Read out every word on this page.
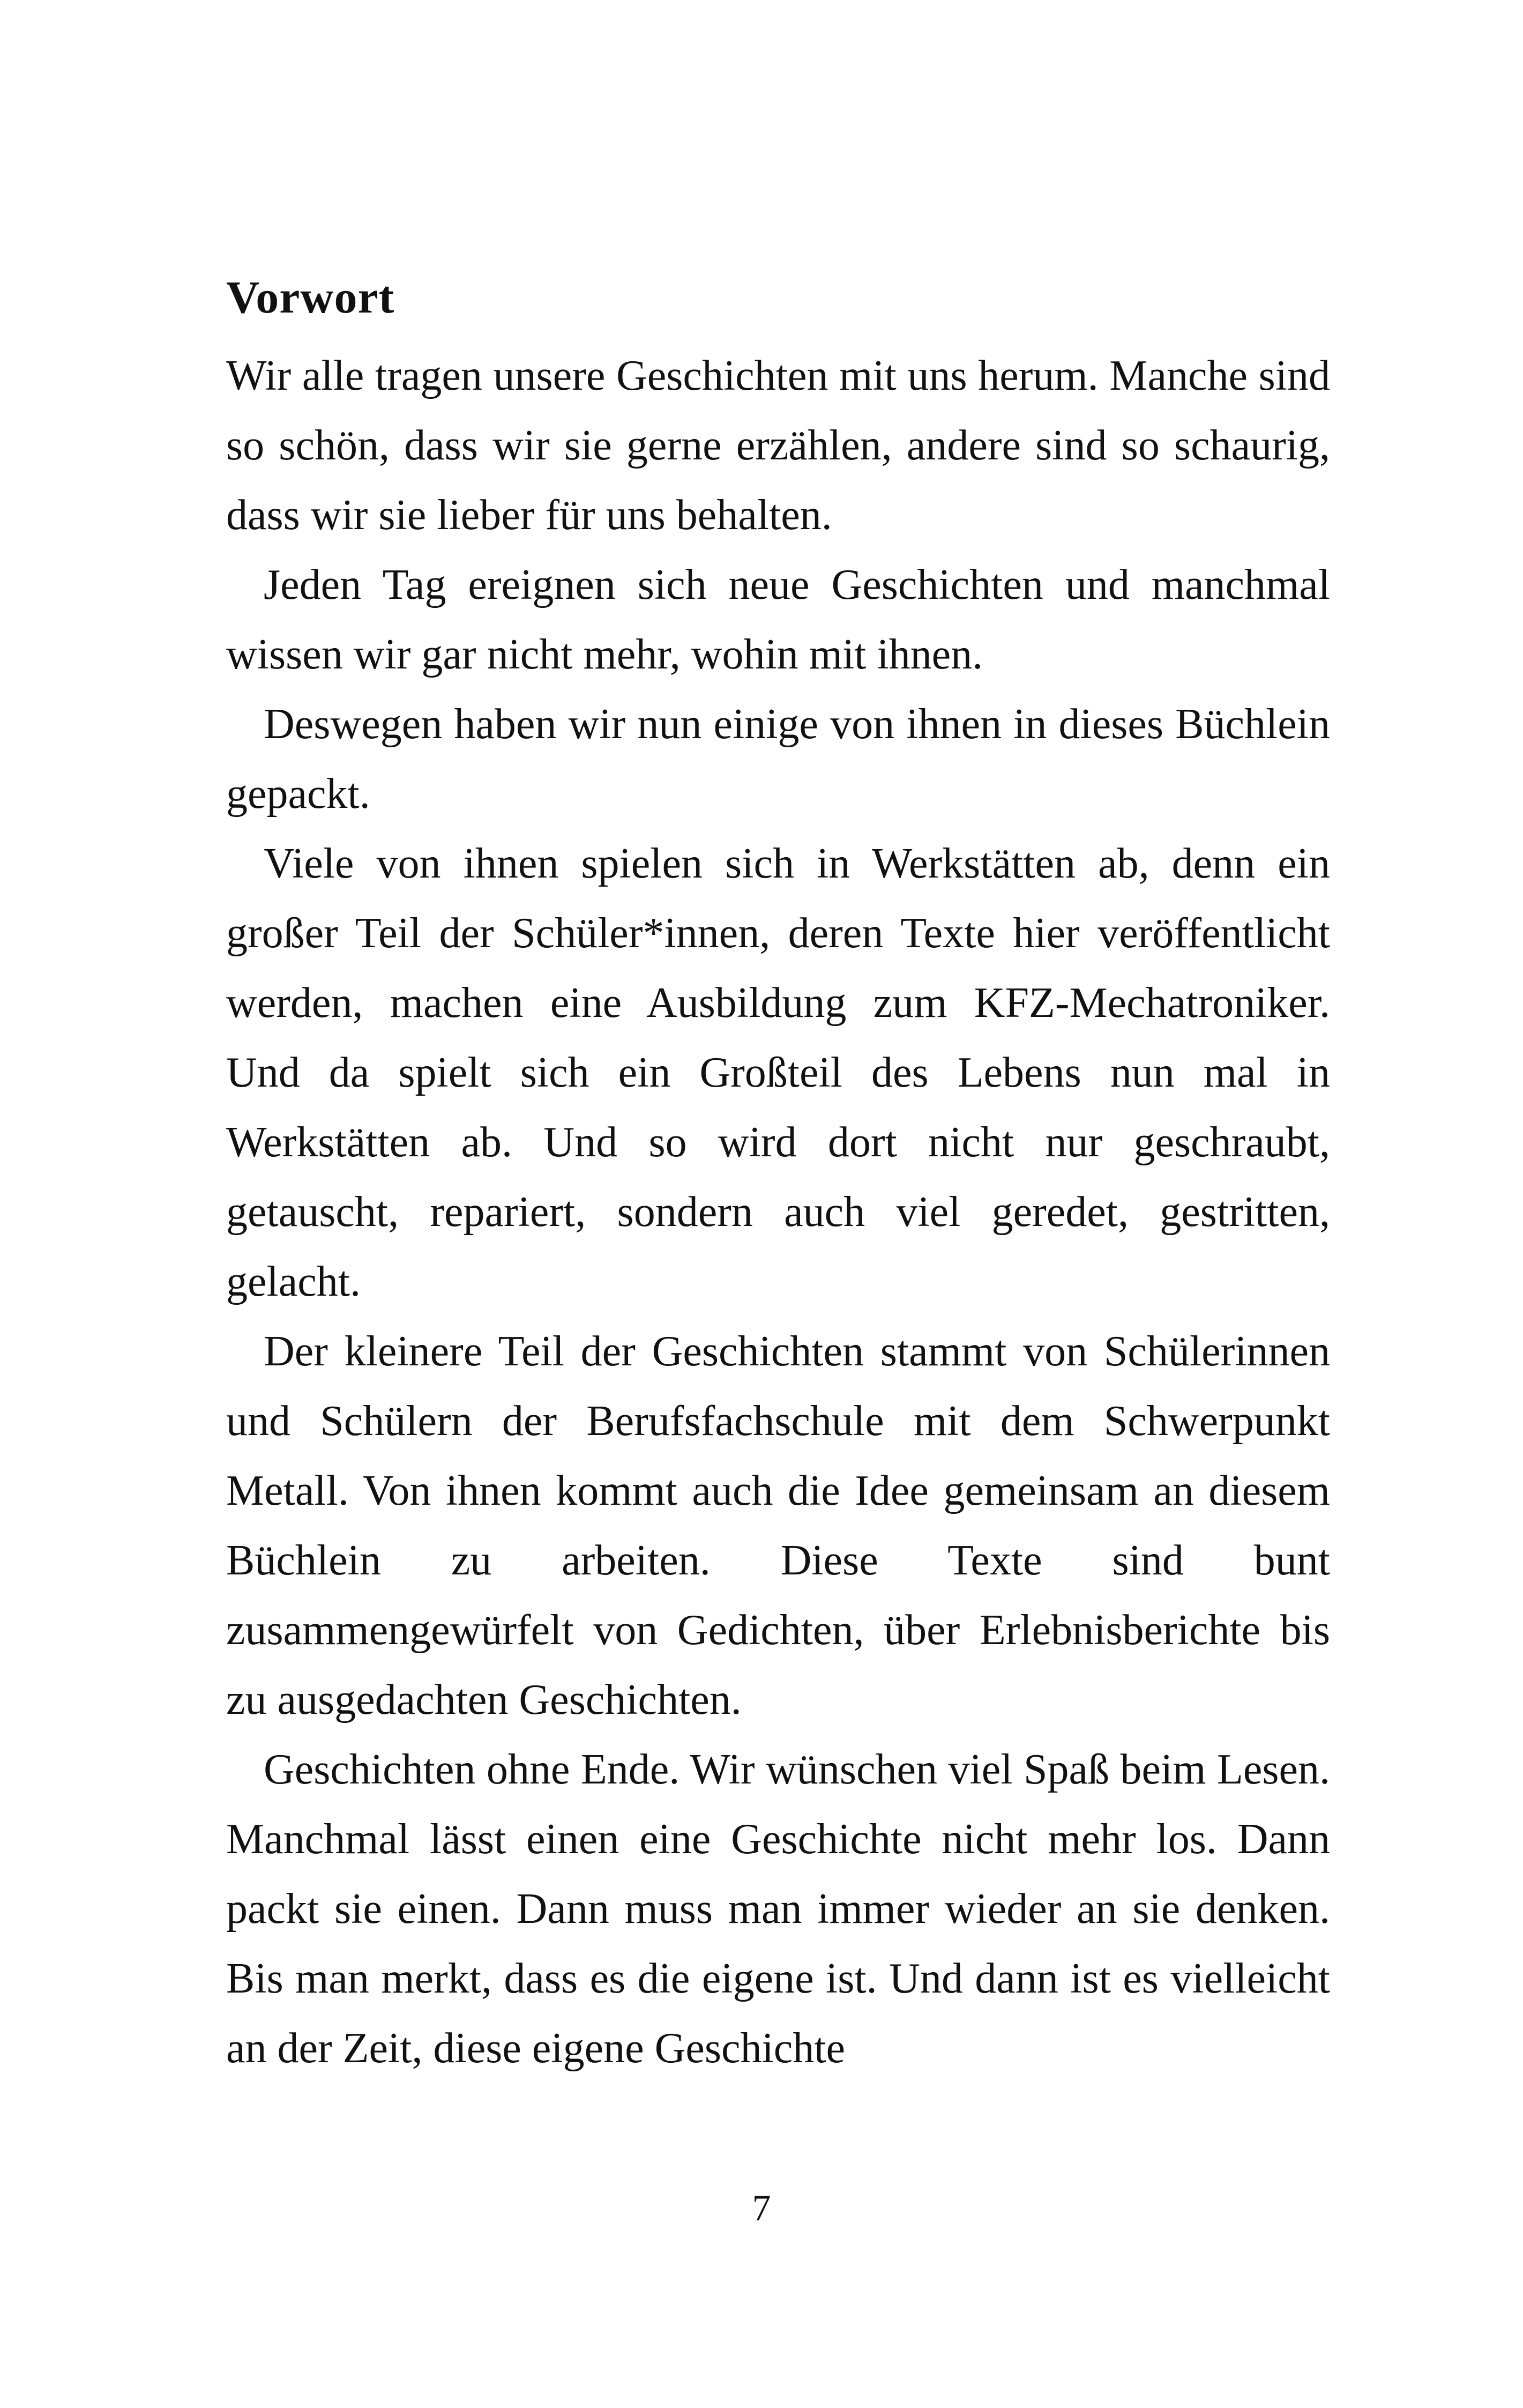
Vorwort

Wir alle tragen unsere Geschichten mit uns herum. Manche sind so schön, dass wir sie gerne erzählen, andere sind so schaurig, dass wir sie lieber für uns behalten.

Jeden Tag ereignen sich neue Geschichten und manchmal wissen wir gar nicht mehr, wohin mit ihnen.

Deswegen haben wir nun einige von ihnen in dieses Büchlein gepackt.

Viele von ihnen spielen sich in Werkstätten ab, denn ein großer Teil der Schüler*innen, deren Texte hier veröffentlicht werden, machen eine Ausbildung zum KFZ-Mechatroniker. Und da spielt sich ein Großteil des Lebens nun mal in Werkstätten ab. Und so wird dort nicht nur geschraubt, getauscht, repariert, sondern auch viel geredet, gestritten, gelacht.

Der kleinere Teil der Geschichten stammt von Schülerinnen und Schülern der Berufsfachschule mit dem Schwerpunkt Metall. Von ihnen kommt auch die Idee gemeinsam an diesem Büchlein zu arbeiten. Diese Texte sind bunt zusammengewürfelt von Gedichten, über Erlebnisberichte bis zu ausgedachten Geschichten.

Geschichten ohne Ende. Wir wünschen viel Spaß beim Lesen. Manchmal lässt einen eine Geschichte nicht mehr los. Dann packt sie einen. Dann muss man immer wieder an sie denken. Bis man merkt, dass es die eigene ist. Und dann ist es vielleicht an der Zeit, diese eigene Geschichte

7
